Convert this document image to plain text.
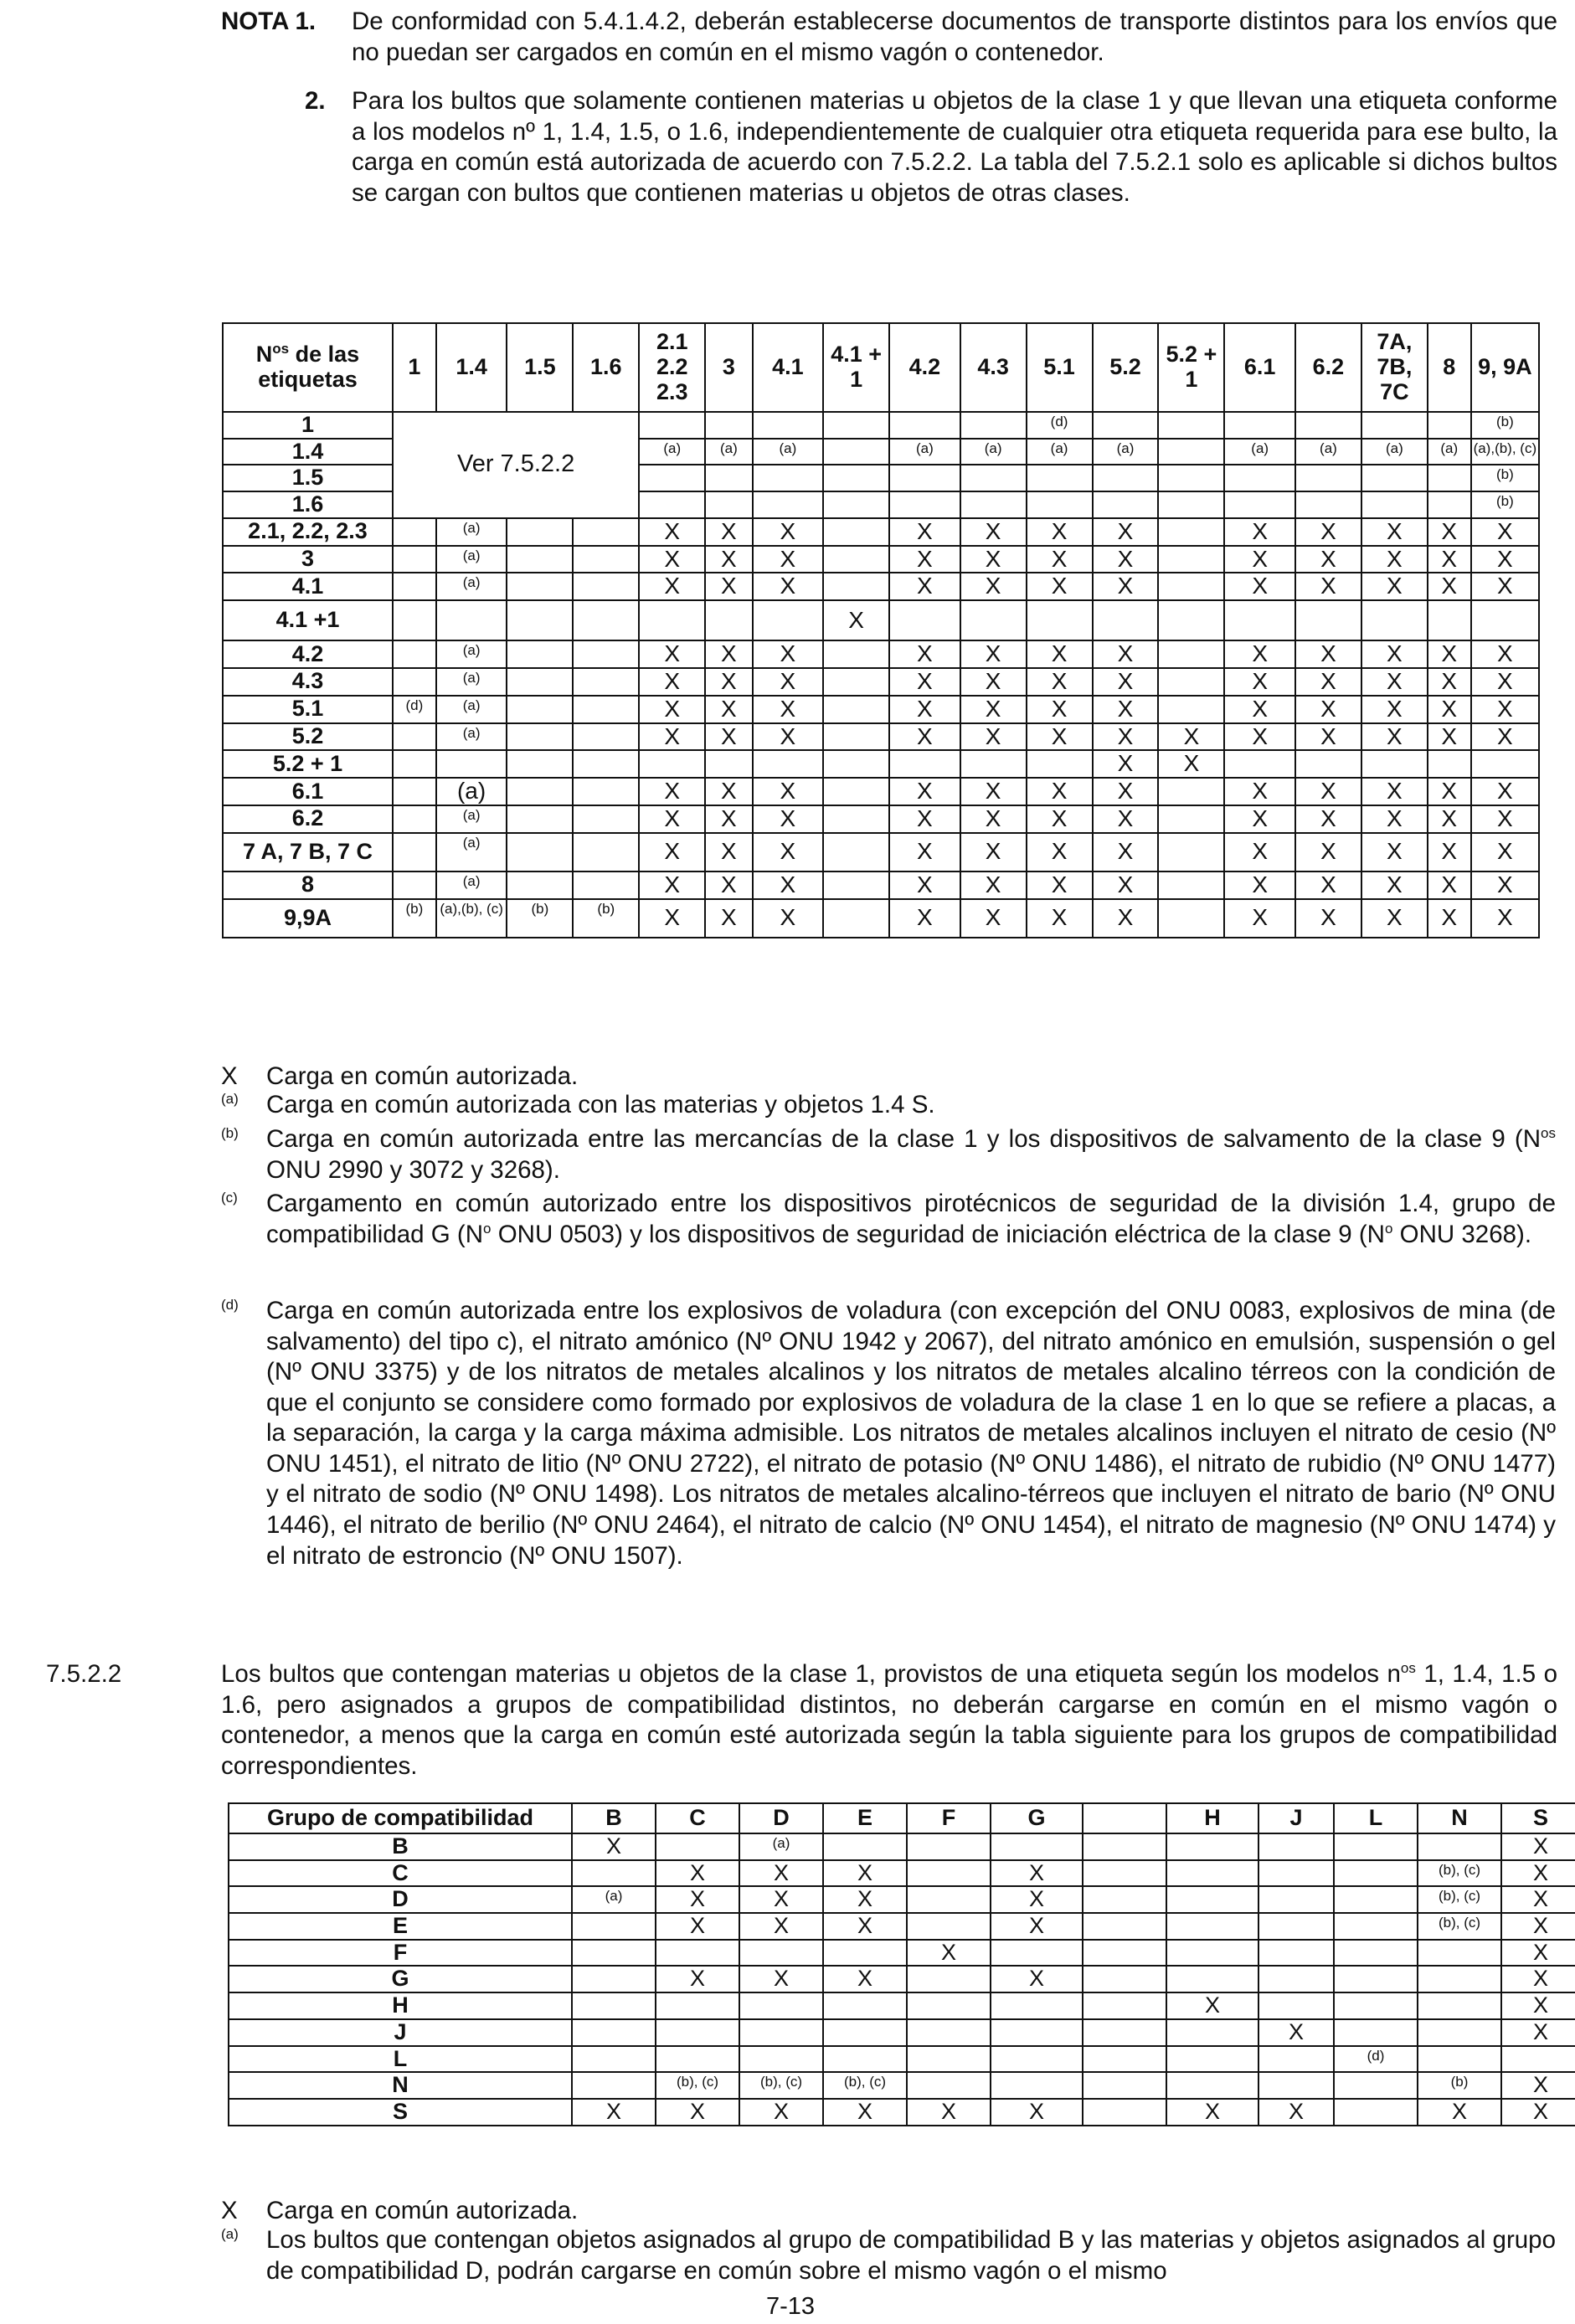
NOTA 1. De conformidad con 5.4.1.4.2, deberán establecerse documentos de transporte distintos para los envíos que no puedan ser cargados en común en el mismo vagón o contenedor.
2. Para los bultos que solamente contienen materias u objetos de la clase 1 y que llevan una etiqueta conforme a los modelos nº 1, 1.4, 1.5, o 1.6, independientemente de cualquier otra etiqueta requerida para ese bulto, la carga en común está autorizada de acuerdo con 7.5.2.2. La tabla del 7.5.2.1 solo es aplicable si dichos bultos se cargan con bultos que contienen materias u objetos de otras clases.
$N^{os}$ de las etiquetas	1	1.4	1.5	1.6	2.1 2.2 2.3	3	4.1	4.1 + 1	4.2	4.3	5.1	5.2	5.2 + 1	6.1	6.2	7A, 7B, 7C	8	9, 9A
1	Ver 7.5.2.2										(d)							(b)
1.4					(a)	(a)	(a)		(a)	(a)	(a)	(a)		(a)	(a)	(a)	(a)	(a),(b), (c)
1.5																		(b)
1.6																		(b)
2.1, 2.2, 2.3		(a)			X	X	X		X	X	X	X		X	X	X	X	X
3		(a)			X	X	X		X	X	X	X		X	X	X	X	X
4.1		(a)			X	X	X		X	X	X	X		X	X	X	X	X
4.1 +1								X										
4.2		(a)			X	X	X		X	X	X	X		X	X	X	X	X
4.3		(a)			X	X	X		X	X	X	X		X	X	X	X	X
5.1	(d)	(a)			X	X	X		X	X	X	X		X	X	X	X	X
5.2		(a)			X	X	X		X	X	X	X	X	X	X	X	X	X
5.2 + 1												X	X					
6.1		(a)			X	X	X		X	X	X	X		X	X	X	X	X
6.2		(a)			X	X	X		X	X	X	X		X	X	X	X	X
7 A, 7 B, 7 C		(a)			X	X	X		X	X	X	X		X	X	X	X	X
8		(a)			X	X	X		X	X	X	X		X	X	X	X	X
9,9A	(b)	(a),(b), (c)	(b)	(b)	X	X	X		X	X	X	X		X	X	X	X	X
X	Carga en común autorizada.
(a)	Carga en común autorizada con las materias y objetos 1.4 S.
(b)	Carga en común autorizada entre las mercancías de la clase 1 y los dispositivos de salvamento de la clase 9 ($N^{os}$ ONU 2990 y 3072 y 3268).
(c)	Cargamento en común autorizado entre los dispositivos pirotécnicos de seguridad de la división 1.4, grupo de compatibilidad G ($N^o$ ONU 0503) y los dispositivos de seguridad de iniciación eléctrica de la clase 9 ($N^o$ ONU 3268).
(d)	Carga en común autorizada entre los explosivos de voladura (con excepción del ONU 0083, explosivos de mina (de salvamento) del tipo c), el nitrato amónico (Nº ONU 1942 y 2067), del nitrato amónico en emulsión, suspensión o gel (Nº ONU 3375) y de los nitratos de metales alcalinos y los nitratos de metales alcalino térreos con la condición de que el conjunto se considere como formado por explosivos de voladura de la clase 1 en lo que se refiere a placas, a la separación, la carga y la carga máxima admisible. Los nitratos de metales alcalinos incluyen el nitrato de cesio (Nº ONU 1451), el nitrato de litio (Nº ONU 2722), el nitrato de potasio (Nº ONU 1486), el nitrato de rubidio (Nº ONU 1477) y el nitrato de sodio (Nº ONU 1498). Los nitratos de metales alcalino-térreos que incluyen el nitrato de bario (Nº ONU 1446), el nitrato de berilio (Nº ONU 2464), el nitrato de calcio (Nº ONU 1454), el nitrato de magnesio (Nº ONU 1474) y el nitrato de estroncio (Nº ONU 1507).
7.5.2.2	Los bultos que contengan materias u objetos de la clase 1, provistos de una etiqueta según los modelos $n^{os}$ 1, 1.4, 1.5 o 1.6, pero asignados a grupos de compatibilidad distintos, no deberán cargarse en común en el mismo vagón o contenedor, a menos que la carga en común esté autorizada según la tabla siguiente para los grupos de compatibilidad correspondientes.
Grupo de compatibilidad	B	C	D	E	F	G		H	J	L	N	S
B	X		(a)									X
C		X	X	X		X					(b), (c)	X
D	(a)	X	X	X		X					(b), (c)	X
E		X	X	X		X					(b), (c)	X
F					X							X
G		X	X	X		X						X
H								X				X
J									X			X
L										(d)		
N		(b), (c)	(b), (c)	(b), (c)							(b)	X
S	X	X	X	X	X	X		X	X		X	X
X Carga en común autorizada.
(a) Los bultos que contengan objetos asignados al grupo de compatibilidad B y las materias y objetos asignados al grupo de compatibilidad D, podrán cargarse en común sobre el mismo vagón o el mismo
7-13
